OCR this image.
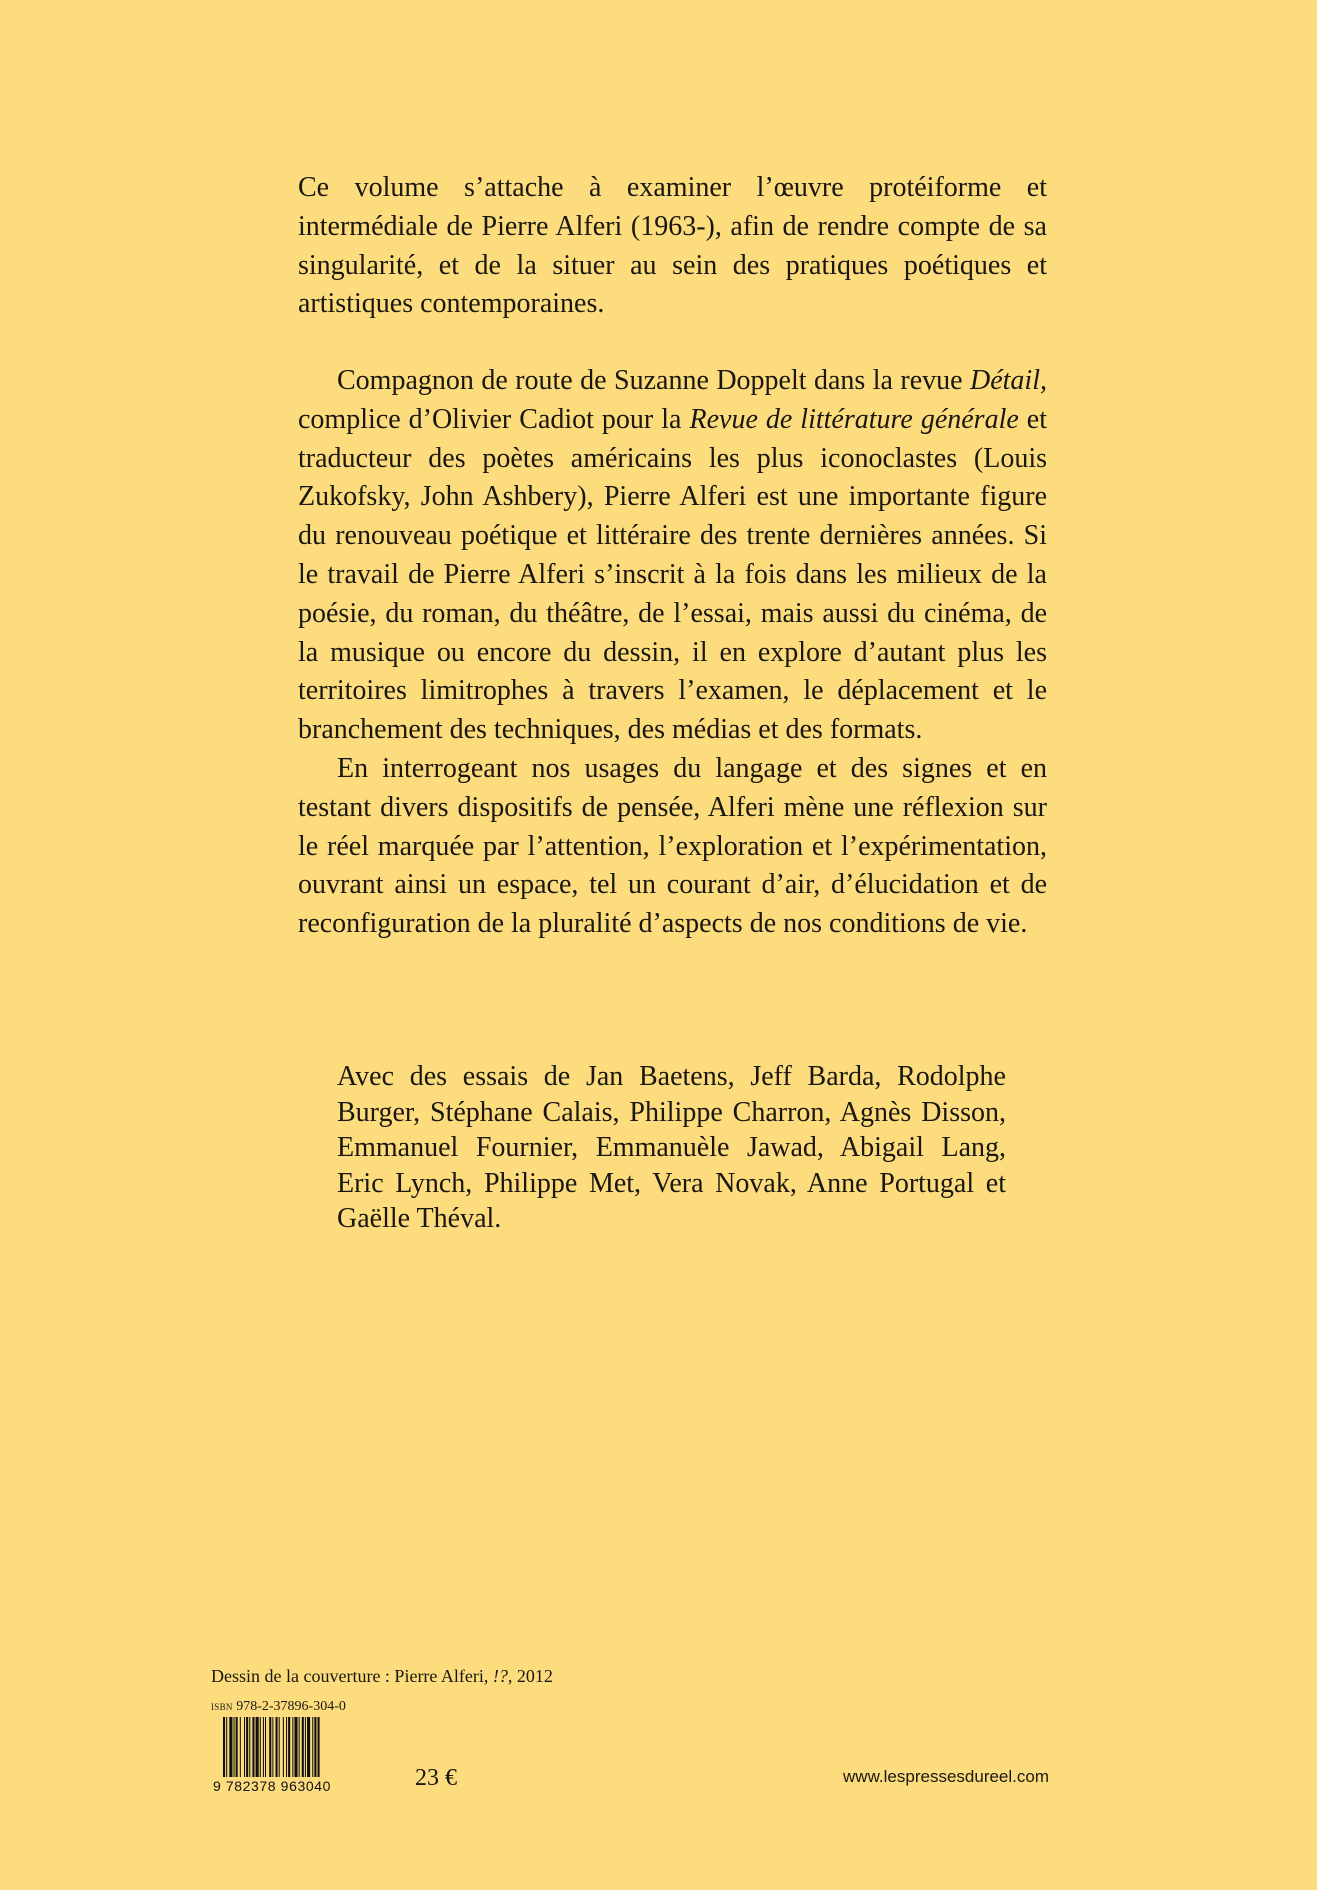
Ce volume s’attache à examiner l’œuvre protéiforme et intermédiale de Pierre Alferi (1963-), afin de rendre compte de sa singularité, et de la situer au sein des pratiques poétiques et artistiques contemporaines.

Compagnon de route de Suzanne Doppelt dans la revue Détail, complice d’Olivier Cadiot pour la Revue de littérature générale et traducteur des poètes américains les plus iconoclastes (Louis Zukofsky, John Ashbery), Pierre Alferi est une importante figure du renouveau poétique et littéraire des trente dernières années. Si le travail de Pierre Alferi s’inscrit à la fois dans les milieux de la poésie, du roman, du théâtre, de l’essai, mais aussi du cinéma, de la musique ou encore du dessin, il en explore d’autant plus les territoires limitrophes à travers l’examen, le déplacement et le branchement des techniques, des médias et des formats.

En interrogeant nos usages du langage et des signes et en testant divers dispositifs de pensée, Alferi mène une réflexion sur le réel marquée par l’attention, l’exploration et l’expérimentation, ouvrant ainsi un espace, tel un courant d’air, d’élucidation et de reconfiguration de la pluralité d’aspects de nos conditions de vie.

Avec des essais de Jan Baetens, Jeff Barda, Rodolphe Burger, Stéphane Calais, Philippe Charron, Agnès Disson, Emmanuel Fournier, Emmanuèle Jawad, Abigail Lang, Eric Lynch, Philippe Met, Vera Novak, Anne Portugal et Gaëlle Théval.
Dessin de la couverture : Pierre Alferi, !?, 2012
ISBN 978-2-37896-304-0
9 782378 963040	23 €	www.lespressesdureel.com
